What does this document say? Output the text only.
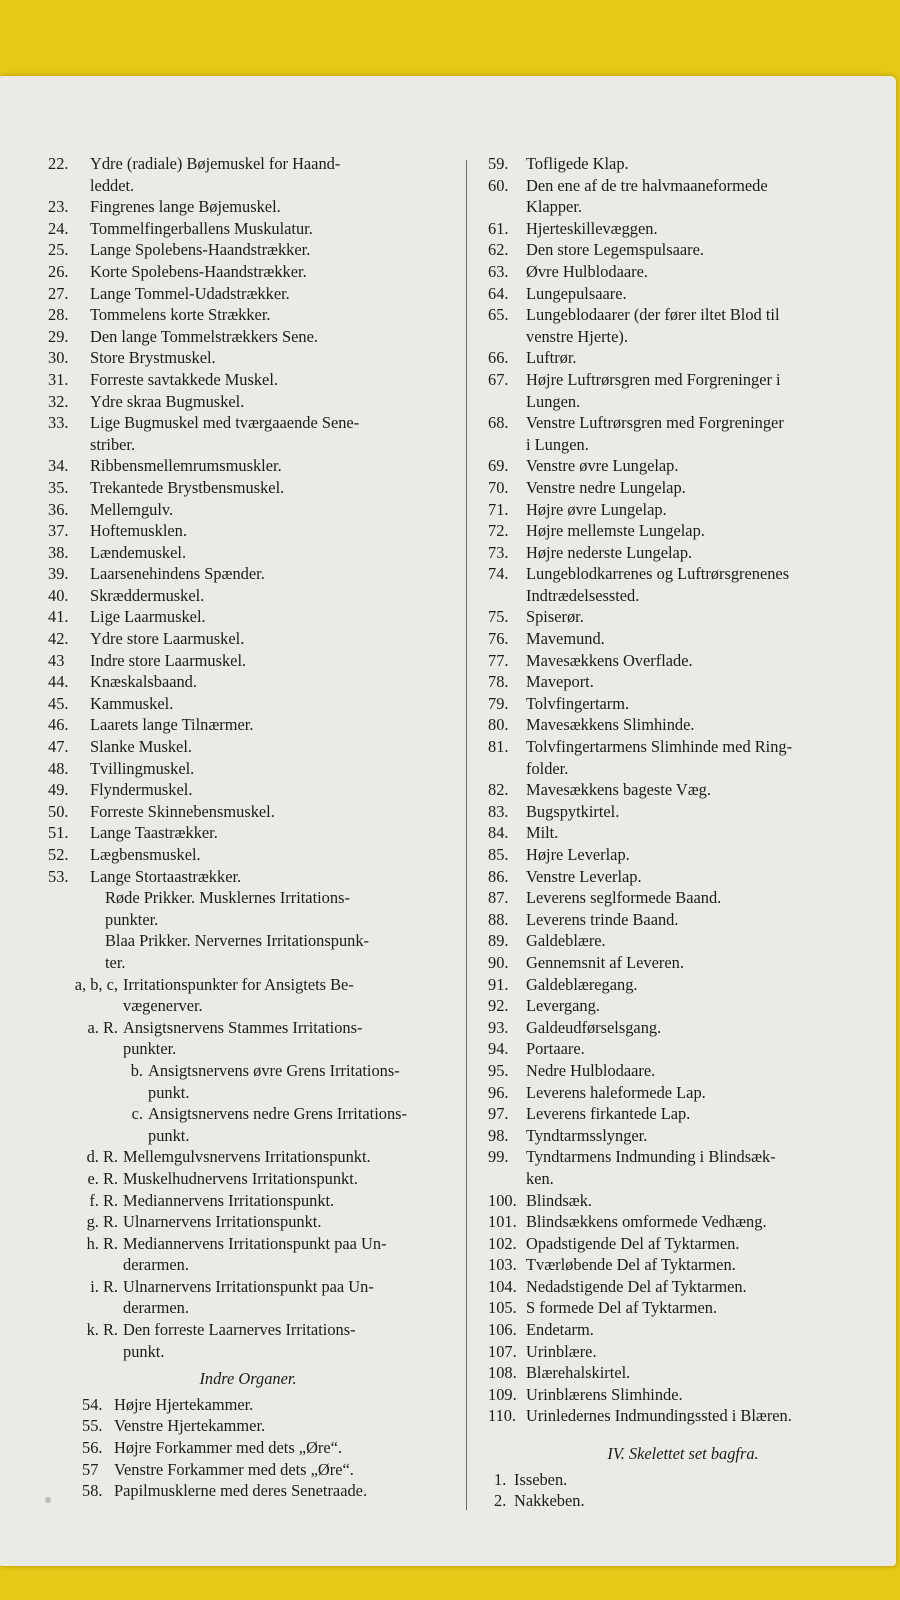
22.	Ydre (radiale) Bøjemuskel for Haand-
leddet.
23.	Fingrenes lange Bøjemuskel.
24.	Tommelfingerballens Muskulatur.
25.	Lange Spolebens-Haandstrækker.
26.	Korte Spolebens-Haandstrækker.
27.	Lange Tommel-Udadstrækker.
28.	Tommelens korte Strækker.
29.	Den lange Tommelstrækkers Sene.
30.	Store Brystmuskel.
31.	Forreste savtakkede Muskel.
32.	Ydre skraa Bugmuskel.
33.	Lige Bugmuskel med tværgaaende Sene-
striber.
34.	Ribbensmellemrumsmuskler.
35.	Trekantede Brystbensmuskel.
36.	Mellemgulv.
37.	Hoftemusklen.
38.	Lændemuskel.
39.	Laarsenehindens Spænder.
40.	Skræddermuskel.
41.	Lige Laarmuskel.
42.	Ydre store Laarmuskel.
43	Indre store Laarmuskel.
44.	Knæskalsbaand.
45.	Kammuskel.
46.	Laarets lange Tilnærmer.
47.	Slanke Muskel.
48.	Tvillingmuskel.
49.	Flyndermuskel.
50.	Forreste Skinnebensmuskel.
51.	Lange Taastrækker.
52.	Lægbensmuskel.
53.	Lange Stortaastrækker.
Røde Prikker. Musklernes Irritations-
punkter.
Blaa Prikker. Nervernes Irritationspunk-
ter.
a, b, c, Irritationspunkter for Ansigtets Be-
vægenerver.
a. R. Ansigtsnervens Stammes Irritations-
punkter.
b. Ansigtsnervens øvre Grens Irritations-
punkt.
c. Ansigtsnervens nedre Grens Irritations-
punkt.
d. R. Mellemgulvsnervens Irritationspunkt.
e. R. Muskelhudnervens Irritationspunkt.
f. R. Mediannervens Irritationspunkt.
g. R. Ulnarnervens Irritationspunkt.
h. R. Mediannervens Irritationspunkt paa Un-
derarmen.
i. R. Ulnarnervens Irritationspunkt paa Un-
derarmen.
k. R. Den forreste Laarnerves Irritations-
punkt.
Indre Organer.
54. Højre Hjertekammer.
55. Venstre Hjertekammer.
56. Højre Forkammer med dets „Øre“.
57 Venstre Forkammer med dets „Øre“.
58. Papilmusklerne med deres Senetraade.
59.	Tofligede Klap.
60.	Den ene af de tre halvmaaneformede
Klapper.
61.	Hjerteskillevæggen.
62.	Den store Legemspulsaare.
63.	Øvre Hulblodaare.
64.	Lungepulsaare.
65.	Lungeblodaarer (der fører iltet Blod til
venstre Hjerte).
66.	Luftrør.
67.	Højre Luftrørsgren med Forgreninger i
Lungen.
68.	Venstre Luftrørsgren med Forgreninger
i Lungen.
69.	Venstre øvre Lungelap.
70.	Venstre nedre Lungelap.
71.	Højre øvre Lungelap.
72.	Højre mellemste Lungelap.
73.	Højre nederste Lungelap.
74.	Lungeblodkarrenes og Luftrørsgrenenes
Indtrædelsessted.
75.	Spiserør.
76.	Mavemund.
77.	Mavesækkens Overflade.
78.	Maveport.
79.	Tolvfingertarm.
80.	Mavesækkens Slimhinde.
81.	Tolvfingertarmens Slimhinde med Ring-
folder.
82.	Mavesækkens bageste Væg.
83.	Bugspytkirtel.
84.	Milt.
85.	Højre Leverlap.
86.	Venstre Leverlap.
87.	Leverens seglformede Baand.
88.	Leverens trinde Baand.
89.	Galdeblære.
90.	Gennemsnit af Leveren.
91.	Galdeblæregang.
92.	Levergang.
93.	Galdeudførselsgang.
94.	Portaare.
95.	Nedre Hulblodaare.
96.	Leverens haleformede Lap.
97.	Leverens firkantede Lap.
98.	Tyndtarmsslynger.
99.	Tyndtarmens Indmunding i Blindsæk-
ken.
100. Blindsæk.
101. Blindsækkens omformede Vedhæng.
102. Opadstigende Del af Tyktarmen.
103. Tværløbende Del af Tyktarmen.
104. Nedadstigende Del af Tyktarmen.
105. S formede Del af Tyktarmen.
106. Endetarm.
107. Urinblære.
108. Blærehalskirtel.
109. Urinblærens Slimhinde.
110. Urinledernes Indmundingssted i Blæren.
IV. Skelettet set bagfra.
1. Isseben.
2. Nakkeben.
